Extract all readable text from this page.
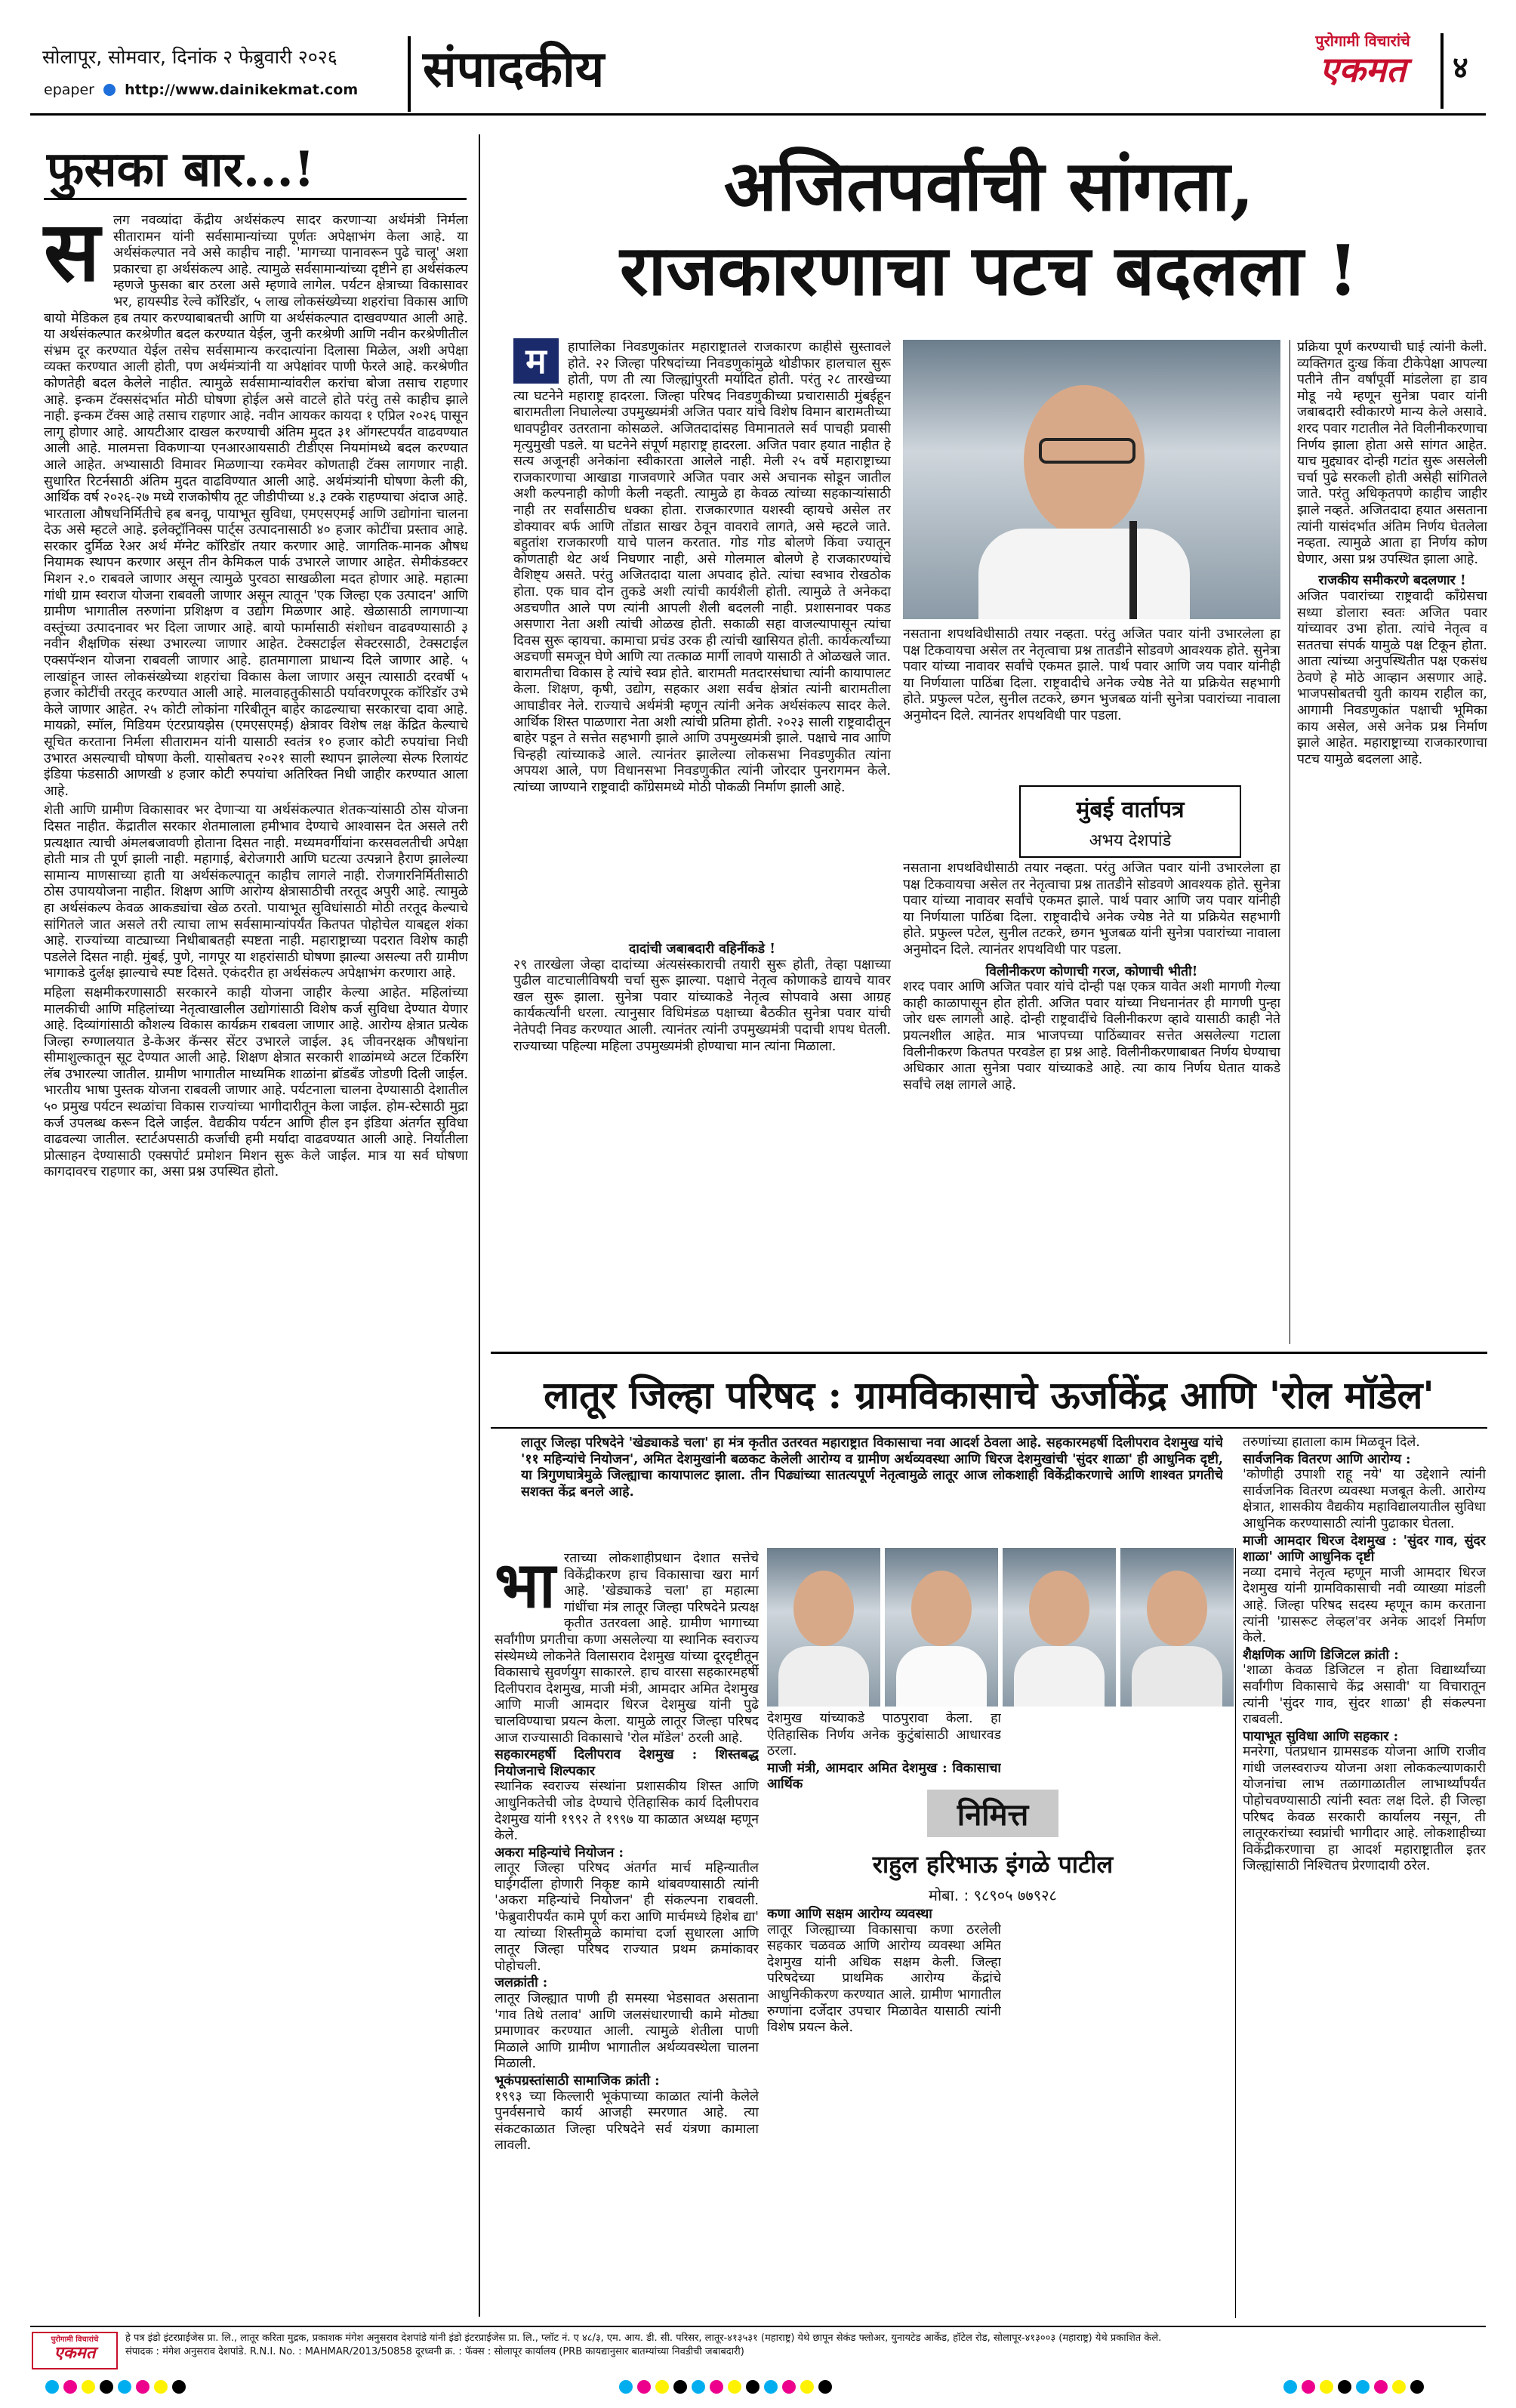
सोलापूर, सोमवार, दिनांक २ फेब्रुवारी २०२६
epaper http://www.dainikekmat.com संपादकीय	पुरोगामी विचारांचे
एकमत	४
फुसका बार...!
स	लग नवव्यांदा केंद्रीय अर्थसंकल्प सादर करणाऱ्या अर्थमंत्री निर्मला सीतारामन यांनी सर्वसामान्यांच्या पूर्णतः अपेक्षाभंग केला आहे. या अर्थसंकल्पात नवे असे काहीच नाही. 'मागच्या पानावरून पुढे चालू' अशा प्रकारचा हा अर्थसंकल्प आहे. त्यामुळे सर्वसामान्यांच्या दृष्टीने हा अर्थसंकल्प म्हणजे फुसका बार ठरला असे म्हणावे लागेल. पर्यटन क्षेत्राच्या विकासावर भर, हायस्पीड रेल्वे कॉरिडॉर, ५ लाख लोकसंख्येच्या शहरांचा विकास आणि बायो मेडिकल हब तयार करण्याबाबतची आणि या अर्थसंकल्पात दाखवण्यात आली आहे. या अर्थसंकल्पात करश्रेणीत बदल करण्यात येईल, जुनी करश्रेणी आणि नवीन करश्रेणीतील संभ्रम दूर करण्यात येईल तसेच सर्वसामान्य करदात्यांना दिलासा मिळेल, अशी अपेक्षा व्यक्त करण्यात आली होती, पण अर्थमंत्र्यांनी या अपेक्षांवर पाणी फेरले आहे. करश्रेणीत कोणतेही बदल केलेले नाहीत. त्यामुळे सर्वसामान्यांवरील करांचा बोजा तसाच राहणार आहे. इन्कम टॅक्ससंदर्भात मोठी घोषणा होईल असे वाटले होते परंतु तसे काहीच झाले नाही. इन्कम टॅक्स आहे तसाच राहणार आहे. नवीन आयकर कायदा १ एप्रिल २०२६ पासून लागू होणार आहे. आयटीआर दाखल करण्याची अंतिम मुदत ३१ ऑगस्टपर्यंत वाढवण्यात आली आहे. मालमत्ता विकणाऱ्या एनआरआयसाठी टीडीएस नियमांमध्ये बदल करण्यात आले आहेत. अभ्यासाठी विमावर मिळणाऱ्या रकमेवर कोणताही टॅक्स लागणार नाही. सुधारित रिटर्नसाठी अंतिम मुदत वाढविण्यात आली आहे. अर्थमंत्र्यांनी घोषणा केली की, आर्थिक वर्ष २०२६-२७ मध्ये राजकोषीय तूट जीडीपीच्या ४.३ टक्के राहण्याचा अंदाज आहे. भारताला औषधनिर्मितीचे हब बनवू, पायाभूत सुविधा, एमएसएमई आणि उद्योगांना चालना देऊ असे म्हटले आहे. इलेक्ट्रॉनिक्स पार्ट्स उत्पादनासाठी ४० हजार कोटींचा प्रस्ताव आहे. सरकार दुर्मिळ रेअर अर्थ मॅग्नेट कॉरिडॉर तयार करणार आहे. जागतिक-मानक औषध नियामक स्थापन करणार असून तीन केमिकल पार्क उभारले जाणार आहेत. सेमीकंडक्टर मिशन २.० राबवले जाणार असून त्यामुळे पुरवठा साखळीला मदत होणार आहे. महात्मा गांधी ग्राम स्वराज योजना राबवली जाणार असून त्यातून 'एक जिल्हा एक उत्पादन' आणि ग्रामीण भागातील तरुणांना प्रशिक्षण व उद्योग मिळणार आहे. खेळासाठी लागणाऱ्या वस्तूंच्या उत्पादनावर भर दिला जाणार आहे. बायो फार्मासाठी संशोधन वाढवण्यासाठी ३ नवीन शैक्षणिक संस्था उभारल्या जाणार आहेत. टेक्सटाईल सेक्टरसाठी, टेक्सटाईल एक्सपॅन्शन योजना राबवली जाणार आहे. हातमागाला प्राधान्य दिले जाणार आहे. ५ लाखांहून जास्त लोकसंख्येच्या शहरांचा विकास केला जाणार असून त्यासाठी दरवर्षी ५ हजार कोटींची तरतूद करण्यात आली आहे. मालवाहतुकीसाठी पर्यावरणपूरक कॉरिडॉर उभे केले जाणार आहेत. २५ कोटी लोकांना गरिबीतून बाहेर काढल्याचा सरकारचा दावा आहे. मायक्रो, स्मॉल, मिडियम एंटरप्रायझेस (एमएसएमई) क्षेत्रावर विशेष लक्ष केंद्रित केल्याचे सूचित करताना निर्मला सीतारामन यांनी यासाठी स्वतंत्र १० हजार कोटी रुपयांचा निधी उभारत असल्याची घोषणा केली. यासोबतच २०२१ साली स्थापन झालेल्या सेल्फ रिलायंट इंडिया फंडसाठी आणखी ४ हजार कोटी रुपयांचा अतिरिक्त निधी जाहीर करण्यात आला आहे.

शेती आणि ग्रामीण विकासावर भर देणाऱ्या या अर्थसंकल्पात शेतकऱ्यांसाठी ठोस योजना दिसत नाहीत. केंद्रातील सरकार शेतमालाला हमीभाव देण्याचे आश्वासन देत असले तरी प्रत्यक्षात त्याची अंमलबजावणी होताना दिसत नाही. मध्यमवर्गीयांना करसवलतीची अपेक्षा होती मात्र ती पूर्ण झाली नाही. महागाई, बेरोजगारी आणि घटत्या उत्पन्नाने हैराण झालेल्या सामान्य माणसाच्या हाती या अर्थसंकल्पातून काहीच लागले नाही. रोजगारनिर्मितीसाठी ठोस उपाययोजना नाहीत. शिक्षण आणि आरोग्य क्षेत्रासाठीची तरतूद अपुरी आहे. त्यामुळे हा अर्थसंकल्प केवळ आकड्यांचा खेळ ठरतो. पायाभूत सुविधांसाठी मोठी तरतूद केल्याचे सांगितले जात असले तरी त्याचा लाभ सर्वसामान्यांपर्यंत कितपत पोहोचेल याबद्दल शंका आहे. राज्यांच्या वाट्याच्या निधीबाबतही स्पष्टता नाही. महाराष्ट्राच्या पदरात विशेष काही पडलेले दिसत नाही. मुंबई, पुणे, नागपूर या शहरांसाठी घोषणा झाल्या असल्या तरी ग्रामीण भागाकडे दुर्लक्ष झाल्याचे स्पष्ट दिसते. एकंदरीत हा अर्थसंकल्प अपेक्षाभंग करणारा आहे.

महिला सक्षमीकरणासाठी सरकारने काही योजना जाहीर केल्या आहेत. महिलांच्या मालकीची आणि महिलांच्या नेतृत्वाखालील उद्योगांसाठी विशेष कर्ज सुविधा देण्यात येणार आहे. दिव्यांगांसाठी कौशल्य विकास कार्यक्रम राबवला जाणार आहे. आरोग्य क्षेत्रात प्रत्येक जिल्हा रुग्णालयात डे-केअर कॅन्सर सेंटर उभारले जाईल. ३६ जीवनरक्षक औषधांना सीमाशुल्कातून सूट देण्यात आली आहे. शिक्षण क्षेत्रात सरकारी शाळांमध्ये अटल टिंकरिंग लॅब उभारल्या जातील. ग्रामीण भागातील माध्यमिक शाळांना ब्रॉडबँड जोडणी दिली जाईल. भारतीय भाषा पुस्तक योजना राबवली जाणार आहे. पर्यटनाला चालना देण्यासाठी देशातील ५० प्रमुख पर्यटन स्थळांचा विकास राज्यांच्या भागीदारीतून केला जाईल. होम-स्टेसाठी मुद्रा कर्ज उपलब्ध करून दिले जाईल. वैद्यकीय पर्यटन आणि हील इन इंडिया अंतर्गत सुविधा वाढवल्या जातील. स्टार्टअपसाठी कर्जाची हमी मर्यादा वाढवण्यात आली आहे. निर्यातीला प्रोत्साहन देण्यासाठी एक्सपोर्ट प्रमोशन मिशन सुरू केले जाईल. मात्र या सर्व घोषणा कागदावरच राहणार का, असा प्रश्न उपस्थित होतो.

अजितपर्वाची सांगता,
राजकारणाचा पटच बदलला !
म	हापालिका निवडणुकांतर महाराष्ट्रातले राजकारण काहीसे सुस्तावले होते. २२ जिल्हा परिषदांच्या निवडणुकांमुळे थोडीफार हालचाल सुरू होती, पण ती त्या जिल्ह्यांपुरती मर्यादित होती. परंतु २८ तारखेच्या त्या घटनेने महाराष्ट्र हादरला. जिल्हा परिषद निवडणुकीच्या प्रचारासाठी मुंबईहून बारामतीला निघालेल्या उपमुख्यमंत्री अजित पवार यांचे विशेष विमान बारामतीच्या धावपट्टीवर उतरताना कोसळले. अजितदादांसह विमानातले सर्व पाचही प्रवासी मृत्युमुखी पडले. या घटनेने संपूर्ण महाराष्ट्र हादरला. अजित पवार हयात नाहीत हे सत्य अजूनही अनेकांना स्वीकारता आलेले नाही. मेली २५ वर्षे महाराष्ट्राच्या राजकारणाचा आखाडा गाजवणारे अजित पवार असे अचानक सोडून जातील अशी कल्पनाही कोणी केली नव्हती. त्यामुळे हा केवळ त्यांच्या सहकाऱ्यांसाठी नाही तर सर्वांसाठीच धक्का होता. राजकारणात यशस्वी व्हायचे असेल तर डोक्यावर बर्फ आणि तोंडात साखर ठेवून वावरावे लागते, असे म्हटले जाते. बहुतांश राजकारणी याचे पालन करतात. गोड गोड बोलणे किंवा ज्यातून कोणताही थेट अर्थ निघणार नाही, असे गोलमाल बोलणे हे राजकारण्यांचे वैशिष्ट्य असते. परंतु अजितदादा याला अपवाद होते. त्यांचा स्वभाव रोखठोक होता. एक घाव दोन तुकडे अशी त्यांची कार्यशैली होती. त्यामुळे ते अनेकदा अडचणीत आले पण त्यांनी आपली शैली बदलली नाही. प्रशासनावर पकड असणारा नेता अशी त्यांची ओळख होती. सकाळी सहा वाजल्यापासून त्यांचा दिवस सुरू व्हायचा. कामाचा प्रचंड उरक ही त्यांची खासियत होती. कार्यकर्त्यांच्या अडचणी समजून घेणे आणि त्या तत्काळ मार्गी लावणे यासाठी ते ओळखले जात. बारामतीचा विकास हे त्यांचे स्वप्न होते. बारामती मतदारसंघाचा त्यांनी कायापालट केला. शिक्षण, कृषी, उद्योग, सहकार अशा सर्वच क्षेत्रांत त्यांनी बारामतीला आघाडीवर नेले. राज्याचे अर्थमंत्री म्हणून त्यांनी अनेक अर्थसंकल्प सादर केले. आर्थिक शिस्त पाळणारा नेता अशी त्यांची प्रतिमा होती. २०२३ साली राष्ट्रवादीतून बाहेर पडून ते सत्तेत सहभागी झाले आणि उपमुख्यमंत्री झाले. पक्षाचे नाव आणि चिन्हही त्यांच्याकडे आले. त्यानंतर झालेल्या लोकसभा निवडणुकीत त्यांना अपयश आले, पण विधानसभा निवडणुकीत त्यांनी जोरदार पुनरागमन केले. त्यांच्या जाण्याने राष्ट्रवादी काँग्रेसमध्ये मोठी पोकळी निर्माण झाली आहे.
दादांची जबाबदारी वहिनींकडे !
२९ तारखेला जेव्हा दादांच्या अंत्यसंस्काराची तयारी सुरू होती, तेव्हा पक्षाच्या पुढील वाटचालीविषयी चर्चा सुरू झाल्या. पक्षाचे नेतृत्व कोणाकडे द्यायचे यावर खल सुरू झाला. सुनेत्रा पवार यांच्याकडे नेतृत्व सोपवावे असा आग्रह कार्यकर्त्यांनी धरला. त्यानुसार विधिमंडळ पक्षाच्या बैठकीत सुनेत्रा पवार यांची नेतेपदी निवड करण्यात आली. त्यानंतर त्यांनी उपमुख्यमंत्री पदाची शपथ घेतली. राज्याच्या पहिल्या महिला उपमुख्यमंत्री होण्याचा मान त्यांना मिळाला.
नसताना शपथविधीसाठी तयार नव्हता. परंतु अजित पवार यांनी उभारलेला हा पक्ष टिकवायचा असेल तर नेतृत्वाचा प्रश्न तातडीने सोडवणे आवश्यक होते. सुनेत्रा पवार यांच्या नावावर सर्वांचे एकमत झाले. पार्थ पवार आणि जय पवार यांनीही या निर्णयाला पाठिंबा दिला. राष्ट्रवादीचे अनेक ज्येष्ठ नेते या प्रक्रियेत सहभागी होते. प्रफुल्ल पटेल, सुनील तटकरे, छगन भुजबळ यांनी सुनेत्रा पवारांच्या नावाला अनुमोदन दिले. त्यानंतर शपथविधी पार पडला.
मुंबई वार्तापत्र
अभय देशपांडे
नसताना शपथविधीसाठी तयार नव्हता. परंतु अजित पवार यांनी उभारलेला हा पक्ष टिकवायचा असेल तर नेतृत्वाचा प्रश्न तातडीने सोडवणे आवश्यक होते. सुनेत्रा पवार यांच्या नावावर सर्वांचे एकमत झाले. पार्थ पवार आणि जय पवार यांनीही या निर्णयाला पाठिंबा दिला. राष्ट्रवादीचे अनेक ज्येष्ठ नेते या प्रक्रियेत सहभागी होते. प्रफुल्ल पटेल, सुनील तटकरे, छगन भुजबळ यांनी सुनेत्रा पवारांच्या नावाला अनुमोदन दिले. त्यानंतर शपथविधी पार पडला.
विलीनीकरण कोणाची गरज, कोणाची भीती!
शरद पवार आणि अजित पवार यांचे दोन्ही पक्ष एकत्र यावेत अशी मागणी गेल्या काही काळापासून होत होती. अजित पवार यांच्या निधनानंतर ही मागणी पुन्हा जोर धरू लागली आहे. दोन्ही राष्ट्रवादींचे विलीनीकरण व्हावे यासाठी काही नेते प्रयत्नशील आहेत. मात्र भाजपच्या पाठिंब्यावर सत्तेत असलेल्या गटाला विलीनीकरण कितपत परवडेल हा प्रश्न आहे. विलीनीकरणाबाबत निर्णय घेण्याचा अधिकार आता सुनेत्रा पवार यांच्याकडे आहे. त्या काय निर्णय घेतात याकडे सर्वांचे लक्ष लागले आहे.
प्रक्रिया पूर्ण करण्याची घाई त्यांनी केली. व्यक्तिगत दुःख किंवा टीकेपेक्षा आपल्या पतीने तीन वर्षांपूर्वी मांडलेला हा डाव मोडू नये म्हणून सुनेत्रा पवार यांनी जबाबदारी स्वीकारणे मान्य केले असावे. शरद पवार गटातील नेते विलीनीकरणाचा निर्णय झाला होता असे सांगत आहेत. याच मुद्द्यावर दोन्ही गटांत सुरू असलेली चर्चा पुढे सरकली होती असेही सांगितले जाते. परंतु अधिकृतपणे काहीच जाहीर झाले नव्हते. अजितदादा हयात असताना त्यांनी यासंदर्भात अंतिम निर्णय घेतलेला नव्हता. त्यामुळे आता हा निर्णय कोण घेणार, असा प्रश्न उपस्थित झाला आहे.
राजकीय समीकरणे बदलणार !
अजित पवारांच्या राष्ट्रवादी काँग्रेसचा सध्या डोलारा स्वतः अजित पवार यांच्यावर उभा होता. त्यांचे नेतृत्व व सततचा संपर्क यामुळे पक्ष टिकून होता. आता त्यांच्या अनुपस्थितीत पक्ष एकसंध ठेवणे हे मोठे आव्हान असणार आहे. भाजपसोबतची युती कायम राहील का, आगामी निवडणुकांत पक्षाची भूमिका काय असेल, असे अनेक प्रश्न निर्माण झाले आहेत. महाराष्ट्राच्या राजकारणाचा पटच यामुळे बदलला आहे.
लातूर जिल्हा परिषद : ग्रामविकासाचे ऊर्जाकेंद्र आणि 'रोल मॉडेल'
लातूर जिल्हा परिषदेने 'खेड्याकडे चला' हा मंत्र कृतीत उतरवत महाराष्ट्रात विकासाचा नवा आदर्श ठेवला आहे. सहकारमहर्षी दिलीपराव देशमुख यांचे '११ महिन्यांचे नियोजन', अमित देशमुखांनी बळकट केलेली आरोग्य व ग्रामीण अर्थव्यवस्था आणि धिरज देशमुखांची 'सुंदर शाळा' ही आधुनिक दृष्टी, या त्रिगुणघात्रेमुळे जिल्ह्याचा कायापालट झाला. तीन पिढ्यांच्या सातत्यपूर्ण नेतृत्वामुळे लातूर आज लोकशाही विकेंद्रीकरणाचे आणि शाश्वत प्रगतीचे सशक्त केंद्र बनले आहे.
भा रताच्या लोकशाहीप्रधान देशात सत्तेचे विकेंद्रीकरण हाच विकासाचा खरा मार्ग आहे. 'खेड्याकडे चला' हा महात्मा गांधींचा मंत्र लातूर जिल्हा परिषदेने प्रत्यक्ष कृतीत उतरवला आहे. ग्रामीण भागाच्या सर्वांगीण प्रगतीचा कणा असलेल्या या स्थानिक स्वराज्य संस्थेमध्ये लोकनेते विलासराव देशमुख यांच्या दूरदृष्टीतून विकासाचे सुवर्णयुग साकारले. हाच वारसा सहकारमहर्षी दिलीपराव देशमुख, माजी मंत्री, आमदार अमित देशमुख आणि माजी आमदार धिरज देशमुख यांनी पुढे चालविण्याचा प्रयत्न केला. यामुळे लातूर जिल्हा परिषद आज राज्यासाठी विकासाचे 'रोल मॉडेल' ठरली आहे.
सहकारमहर्षी दिलीपराव देशमुख : शिस्तबद्ध नियोजनाचे शिल्पकार
स्थानिक स्वराज्य संस्थांना प्रशासकीय शिस्त आणि आधुनिकतेची जोड देण्याचे ऐतिहासिक कार्य दिलीपराव देशमुख यांनी १९९२ ते १९९७ या काळात अध्यक्ष म्हणून केले.
अकरा महिन्यांचे नियोजन :
लातूर जिल्हा परिषद अंतर्गत मार्च महिन्यातील घाईगर्दीला होणारी निकृष्ट कामे थांबवण्यासाठी त्यांनी 'अकरा महिन्यांचे नियोजन' ही संकल्पना राबवली. 'फेब्रुवारीपर्यंत कामे पूर्ण करा आणि मार्चमध्ये हिशेब द्या' या त्यांच्या शिस्तीमुळे कामांचा दर्जा सुधारला आणि लातूर जिल्हा परिषद राज्यात प्रथम क्रमांकावर पोहोचली.
जलक्रांती :
लातूर जिल्ह्यात पाणी ही समस्या भेडसावत असताना 'गाव तिथे तलाव' आणि जलसंधारणाची कामे मोठ्या प्रमाणावर करण्यात आली. त्यामुळे शेतीला पाणी मिळाले आणि ग्रामीण भागातील अर्थव्यवस्थेला चालना मिळाली.
भूकंपग्रस्तांसाठी सामाजिक क्रांती :
१९९३ च्या किल्लारी भूकंपाच्या काळात त्यांनी केलेले पुनर्वसनाचे कार्य आजही स्मरणात आहे. त्या संकटकाळात जिल्हा परिषदेने सर्व यंत्रणा कामाला लावली.
देशमुख यांच्याकडे पाठपुरावा केला. हा ऐतिहासिक निर्णय अनेक कुटुंबांसाठी आधारवड ठरला.
माजी मंत्री, आमदार अमित देशमुख : विकासाचा आर्थिक
कणा आणि सक्षम आरोग्य व्यवस्था
लातूर जिल्ह्याच्या विकासाचा कणा ठरलेली सहकार चळवळ आणि आरोग्य व्यवस्था अमित देशमुख यांनी अधिक सक्षम केली. जिल्हा परिषदेच्या प्राथमिक आरोग्य केंद्रांचे आधुनिकीकरण करण्यात आले. ग्रामीण भागातील रुग्णांना दर्जेदार उपचार मिळावेत यासाठी त्यांनी विशेष प्रयत्न केले.
निमित्त
राहुल हरिभाऊ इंगळे पाटील
मोबा. : ९८९०५ ७७९२८
तरुणांच्या हाताला काम मिळवून दिले.
सार्वजनिक वितरण आणि आरोग्य :
'कोणीही उपाशी राहू नये' या उद्देशाने त्यांनी सार्वजनिक वितरण व्यवस्था मजबूत केली. आरोग्य क्षेत्रात, शासकीय वैद्यकीय महाविद्यालयातील सुविधा आधुनिक करण्यासाठी त्यांनी पुढाकार घेतला.
माजी आमदार धिरज देशमुख : 'सुंदर गाव, सुंदर शाळा' आणि आधुनिक दृष्टी
नव्या दमाचे नेतृत्व म्हणून माजी आमदार धिरज देशमुख यांनी ग्रामविकासाची नवी व्याख्या मांडली आहे. जिल्हा परिषद सदस्य म्हणून काम करताना त्यांनी 'ग्रासरूट लेव्हल'वर अनेक आदर्श निर्माण केले.
शैक्षणिक आणि डिजिटल क्रांती :
'शाळा केवळ डिजिटल न होता विद्यार्थ्यांच्या सर्वांगीण विकासाचे केंद्र असावी' या विचारातून त्यांनी 'सुंदर गाव, सुंदर शाळा' ही संकल्पना राबवली.
पायाभूत सुविधा आणि सहकार :
मनरेगा, पंतप्रधान ग्रामसडक योजना आणि राजीव गांधी जलस्वराज्य योजना अशा लोककल्याणकारी योजनांचा लाभ तळागाळातील लाभार्थ्यांपर्यंत पोहोचवण्यासाठी त्यांनी स्वतः लक्ष दिले. ही जिल्हा परिषद केवळ सरकारी कार्यालय नसून, ती लातूरकरांच्या स्वप्नांची भागीदार आहे. लोकशाहीच्या विकेंद्रीकरणाचा हा आदर्श महाराष्ट्रातील इतर जिल्ह्यांसाठी निश्चितच प्रेरणादायी ठरेल.
पुरोगामी विचारांचे
एकमत
हे पत्र इंडो इंटरप्राईजेस प्रा. लि., लातूर करिता मुद्रक, प्रकाशक मंगेश अनुसराव देशपांडे यांनी इंडो इंटरप्राईजेस प्रा. लि., प्लॉट नं. ए ४८/३, एम. आय. डी. सी. परिसर, लातूर-४१३५३१ (महाराष्ट्र) येथे छापून सेकंड फ्लोअर, युनायटेड आर्केड, हॉटेल रोड, सोलापूर-४१३००३ (महाराष्ट्र) येथे प्रकाशित केले.
संपादक : मंगेश अनुसराव देशपांडे. R.N.I. No. : MAHMAR/2013/50858 दूरध्वनी क्र. : फॅक्स : सोलापूर कार्यालय (PRB कायद्यानुसार बातम्यांच्या निवडीची जबाबदारी)
